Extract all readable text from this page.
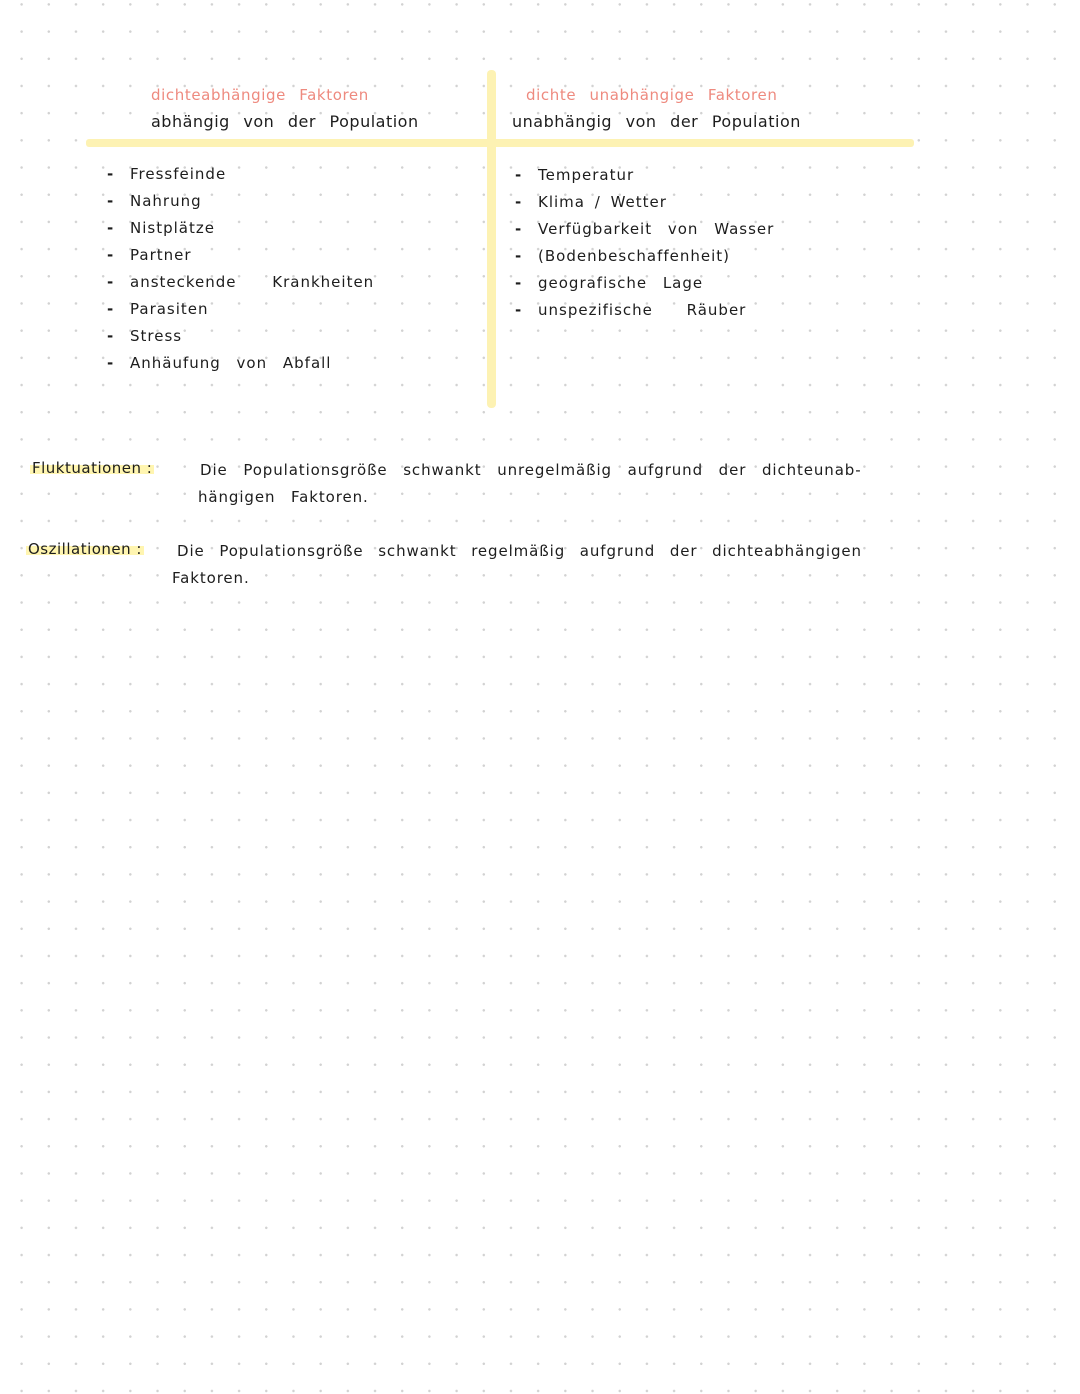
dichteabhängige Faktoren
abhängig von der Population
dichte unabhängige Faktoren
unabhängig von der Population
- Fressfeinde
- Nahrung
- Nistplätze
- Partner
- ansteckende Krankheiten
- Parasiten
- Stress
- Anhäufung von Abfall
- Temperatur
- Klima / Wetter
- Verfügbarkeit von Wasser
- (Bodenbeschaffenheit)
- geografische Lage
- unspezifische Räuber
Fluktuationen :	Die Populationsgröße schwankt unregelmäßig aufgrund der dichteunab-
hängigen Faktoren.
Oszillationen : Die Populationsgröße schwankt regelmäßig aufgrund der dichteabhängigen
Faktoren.
